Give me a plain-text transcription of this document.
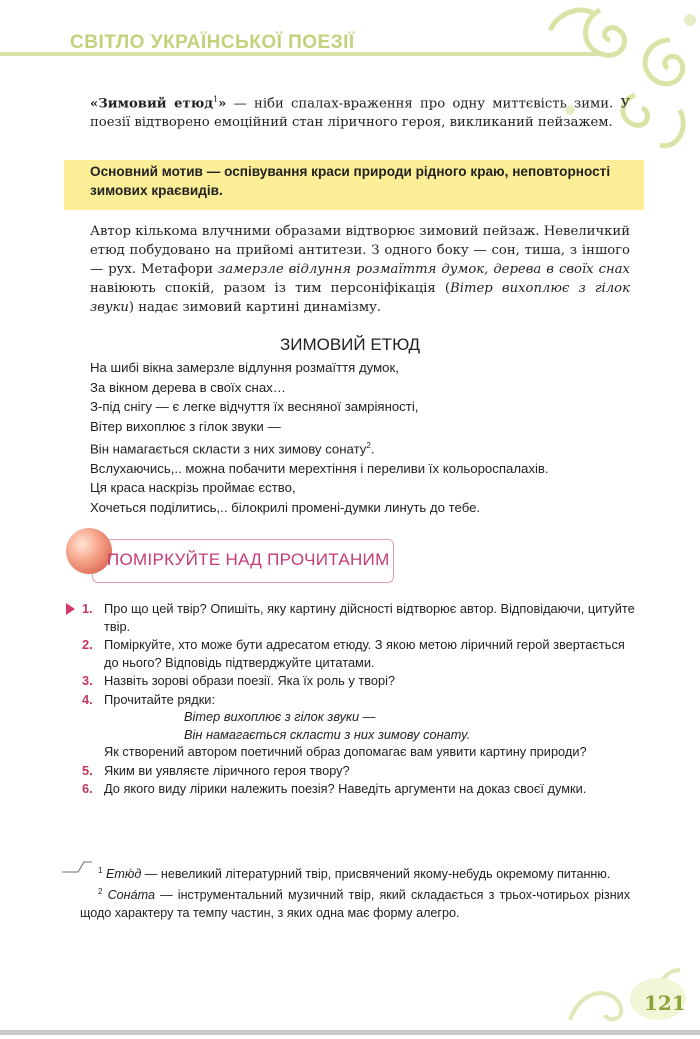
СВІТЛО УКРАЇНСЬКОЇ ПОЕЗІЇ
«Зимовий етюд$^1$» — ніби спалах-враження про одну миттєвість зими. У поезії відтворено емоційний стан ліричного героя, викликаний пейзажем.
Основний мотив — оспівування краси природи рідного краю, неповторності зимових краєвидів.
Автор кількома влучними образами відтворює зимовий пейзаж. Невеличкий етюд побудовано на прийомі антитези. З одного боку — сон, тиша, з іншого — рух. Метафори замерзле відлуння розмаїття думок, дерева в своїх снах навіюють спокій, разом із тим персоніфікація (Вітер вихоплює з гілок звуки) надає зимовий картині динамізму.
ЗИМОВИЙ ЕТЮД
На шибі вікна замерзле відлуння розмаїття думок,
За вікном дерева в своїх снах…
З-під снігу — є легке відчуття їх весняної замріяності,
Вітер вихоплює з гілок звуки —
Він намагається скласти з них зимову сонату$^2$.
Вслухаючись,.. можна побачити мерехтіння і переливи їх кольороспалахів.
Ця краса наскрізь проймає єство,
Хочеться поділитись,.. білокрилі промені-думки линуть до тебе.
ПОМІРКУЙТЕ НАД ПРОЧИТАНИМ
1. Про що цей твір? Опишіть, яку картину дійсності відтворює автор. Відповідаючи, цитуйте твір.
2. Поміркуйте, хто може бути адресатом етюду. З якою метою ліричний герой звертається до нього? Відповідь підтверджуйте цитатами.
3. Назвіть зорові образи поезії. Яка їх роль у творі?
4. Прочитайте рядки:
Вітер вихоплює з гілок звуки —
Він намагається скласти з них зимову сонату.
Як створений автором поетичний образ допомагає вам уявити картину природи?
5. Яким ви уявляєте ліричного героя твору?
6. До якого виду лірики належить поезія? Наведіть аргументи на доказ своєї думки.
$^1$ Етю́д — невеликий літературний твір, присвячений якому-небудь окремому питанню.
$^2$ Сона́та — інструментальний музичний твір, який складається з трьох-чотирьох різних щодо характеру та темпу частин, з яких одна має форму алегро.
121
